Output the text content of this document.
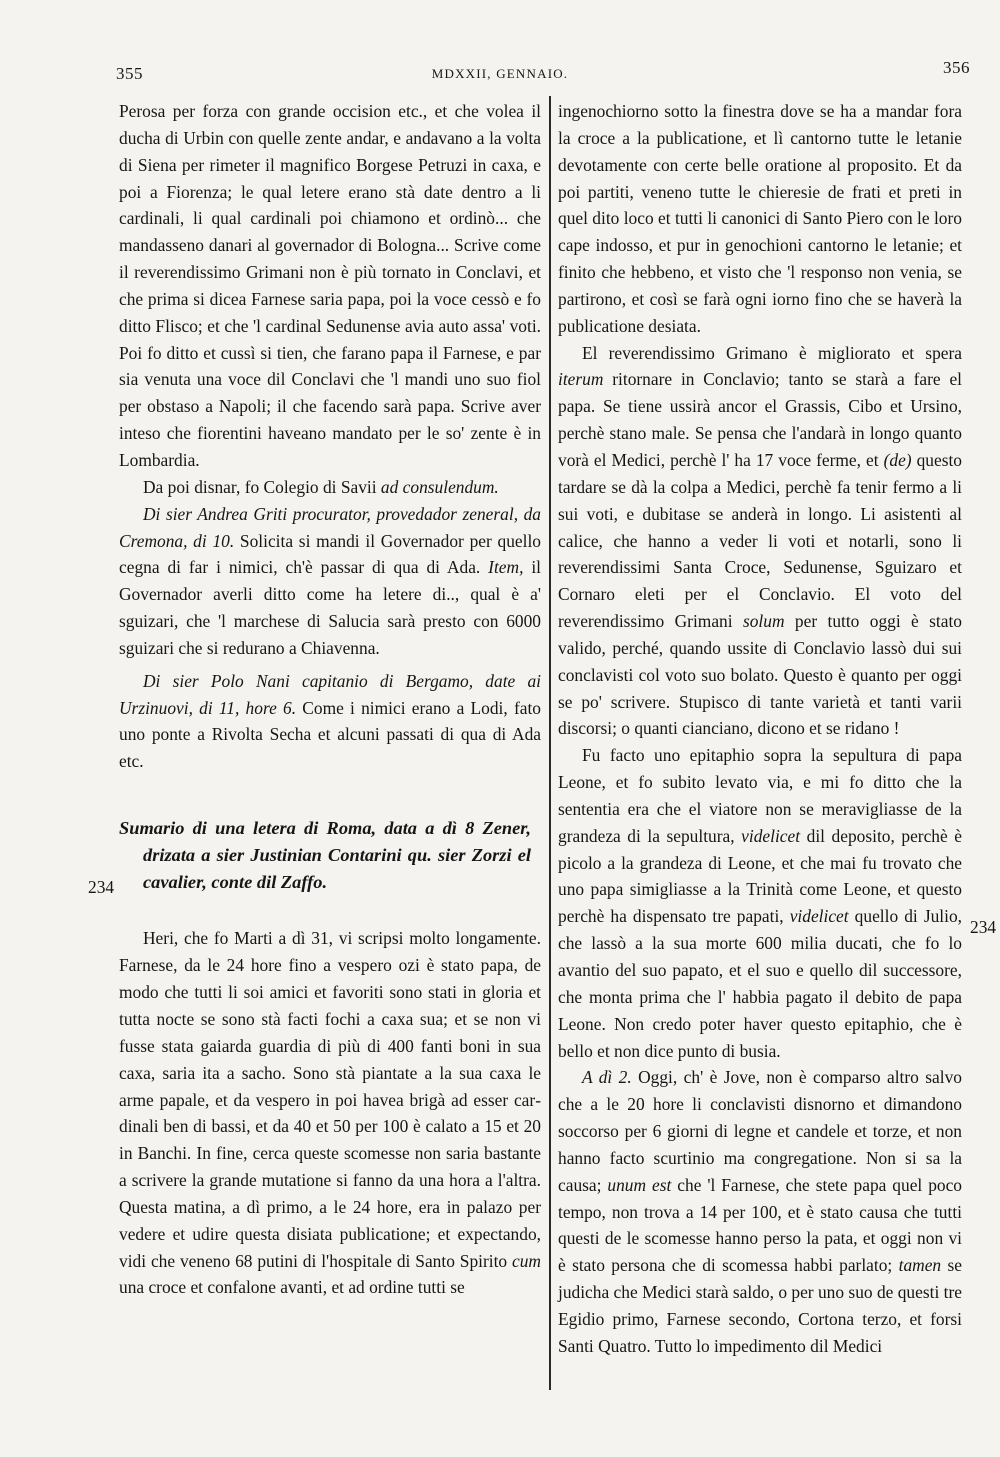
355	MDXXII, GENNAIO.	356
234
234

Perosa per forza con grande occision etc., et che volea il ducha di Urbin con quelle zente andar, e andavano a la volta di Siena per rimeter il magnifico Borgese Petruzi in caxa, e poi a Fiorenza; le qual letere erano stà date dentro a li cardinali, li qual cardinali poi chiamono et ordinò... che mandasseno danari al governador di Bologna... Scrive come il reverendissimo Grimani non è più tornato in Conclavi, et che prima si dicea Farnese saria papa, poi la voce cessò e fo ditto Flisco; et che 'l cardinal Sedunense avia auto assa' voti. Poi fo ditto et cussì si tien, che farano papa il Farnese, e par sia venuta una voce dil Conclavi che 'l mandi uno suo fiol per obstaso a Napoli; il che facendo sarà papa. Scrive aver inteso che fiorentini haveano mandato per le so' zente è in Lombardia.

Da poi disnar, fo Colegio di Savii ad consulendum.

Di sier Andrea Griti procurator, provedador zeneral, da Cremona, di 10. Solicita si mandi il Governador per quello cegna di far i nimici, ch'è passar di qua di Ada. Item, il Governador averli ditto come ha letere di.., qual è a' sguizari, che 'l marchese di Salucia sarà presto con 6000 sguizari che si redurano a Chiavenna.

Di sier Polo Nani capitanio di Bergamo, date ai Urzinuovi, di 11, hore 6. Come i nimici erano a Lodi, fato uno ponte a Rivolta Secha et alcuni passati di qua di Ada etc.

Sumario di una letera di Roma, data a dì 8 Zener, drizata a sier Justinian Contarini qu. sier Zorzi el cavalier, conte dil Zaffo.

Heri, che fo Marti a dì 31, vi scripsi molto longamente. Farnese, da le 24 hore fino a vespero ozi è stato papa, de modo che tutti li soi amici et favoriti sono stati in gloria et tutta nocte se sono stà facti fochi a caxa sua; et se non vi fusse stata gaiarda guardia di più di 400 fanti boni in sua caxa, saria ita a sacho. Sono stà piantate a la sua caxa le arme papale, et da vespero in poi havea brigà ad esser cardinali ben di bassi, et da 40 et 50 per 100 è calato a 15 et 20 in Banchi. In fine, cerca queste scomesse non saria bastante a scrivere la grande mutatione si fanno da una hora a l'altra. Questa matina, a dì primo, a le 24 hore, era in palazo per vedere et udire questa disiata publicatione; et expectando, vidi che veneno 68 putini di l'hospitale di Santo Spirito cum una croce et confalone avanti, et ad ordine tutti se

ingenochiorno sotto la finestra dove se ha a mandar fora la croce a la publicatione, et lì cantorno tutte le letanie devotamente con certe belle oratione al proposito. Et da poi partiti, veneno tutte le chieresie de frati et preti in quel dito loco et tutti li canonici di Santo Piero con le loro cape indosso, et pur in genochioni cantorno le letanie; et finito che hebbeno, et visto che 'l responso non venia, se partirono, et così se farà ogni iorno fino che se haverà la publicatione desiata.

El reverendissimo Grimano è migliorato et spera iterum ritornare in Conclavio; tanto se starà a fare el papa. Se tiene ussirà ancor el Grassis, Cibo et Ursino, perchè stano male. Se pensa che l'andarà in longo quanto vorà el Medici, perchè l' ha 17 voce ferme, et (de) questo tardare se dà la colpa a Medici, perchè fa tenir fermo a li sui voti, e dubitase se anderà in longo. Li asistenti al calice, che hanno a veder li voti et notarli, sono li reverendissimi Santa Croce, Sedunense, Sguizaro et Cornaro eleti per el Conclavio. El voto del reverendissimo Grimani solum per tutto oggi è stato valido, perché, quando ussite di Conclavio lassò dui sui conclavisti col voto suo bolato. Questo è quanto per oggi se po' scrivere. Stupisco di tante varietà et tanti varii discorsi; o quanti cianciano, dicono et se ridano !

Fu facto uno epitaphio sopra la sepultura di papa Leone, et fo subito levato via, e mi fo ditto che la sententia era che el viatore non se meravigliasse de la grandeza di la sepultura, videlicet dil deposito, perchè è picolo a la grandeza di Leone, et che mai fu trovato che uno papa simigliasse a la Trinità come Leone, et questo perchè ha dispensato tre papati, videlicet quello di Julio, che lassò a la sua morte 600 milia ducati, che fo lo avantio del suo papato, et el suo e quello dil successore, che monta prima che l' habbia pagato il debito de papa Leone. Non credo poter haver questo epitaphio, che è bello et non dice punto di busia.

A dì 2. Oggi, ch' è Jove, non è comparso altro salvo che a le 20 hore li conclavisti disnorno et dimandono soccorso per 6 giorni di legne et candele et torze, et non hanno facto scurtinio ma congregatione. Non si sa la causa; unum est che 'l Farnese, che stete papa quel poco tempo, non trova a 14 per 100, et è stato causa che tutti questi de le scomesse hanno perso la pata, et oggi non vi è stato persona che di scomessa habbi parlato; tamen se judicha che Medici starà saldo, o per uno suo de questi tre Egidio primo, Farnese secondo, Cortona terzo, et forsi Santi Quatro. Tutto lo impedimento dil Medici
